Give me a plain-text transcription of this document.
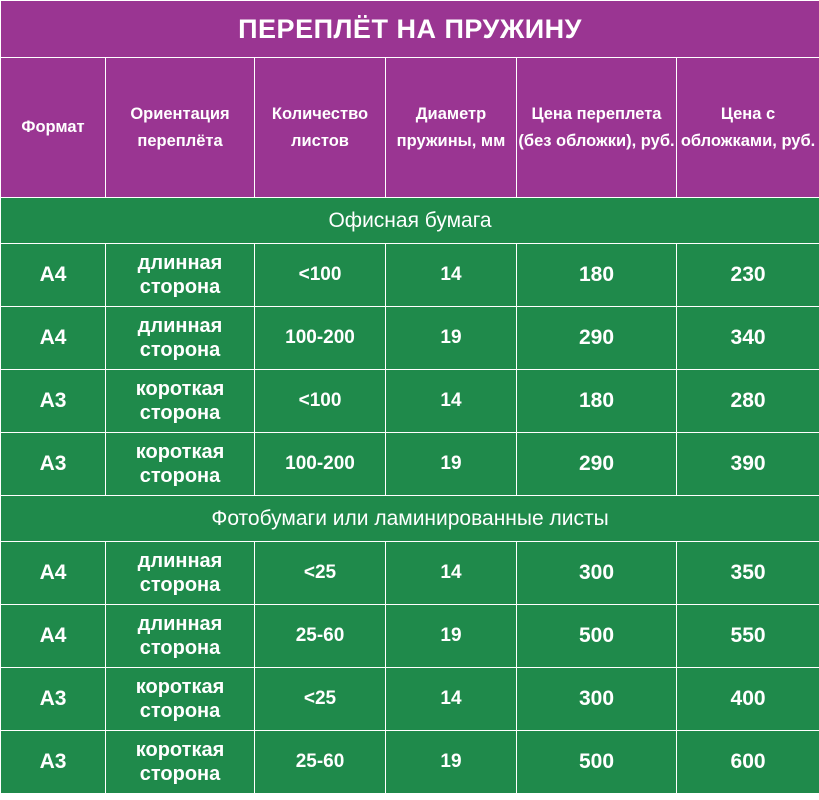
ПЕРЕПЛЁТ НА ПРУЖИНУ					
Формат	Ориентация переплёта	Количество листов	Диаметр пружины, мм	Цена переплета (без обложки), руб.	Цена с обложками, руб.
Офисная бумага					
А4	длинная сторона	<100	14	180	230
А4	длинная сторона	100-200	19	290	340
А3	короткая сторона	<100	14	180	280
А3	короткая сторона	100-200	19	290	390
Фотобумаги или ламинированные листы					
А4	длинная сторона	<25	14	300	350
А4	длинная сторона	25-60	19	500	550
А3	короткая сторона	<25	14	300	400
А3	короткая сторона	25-60	19	500	600
